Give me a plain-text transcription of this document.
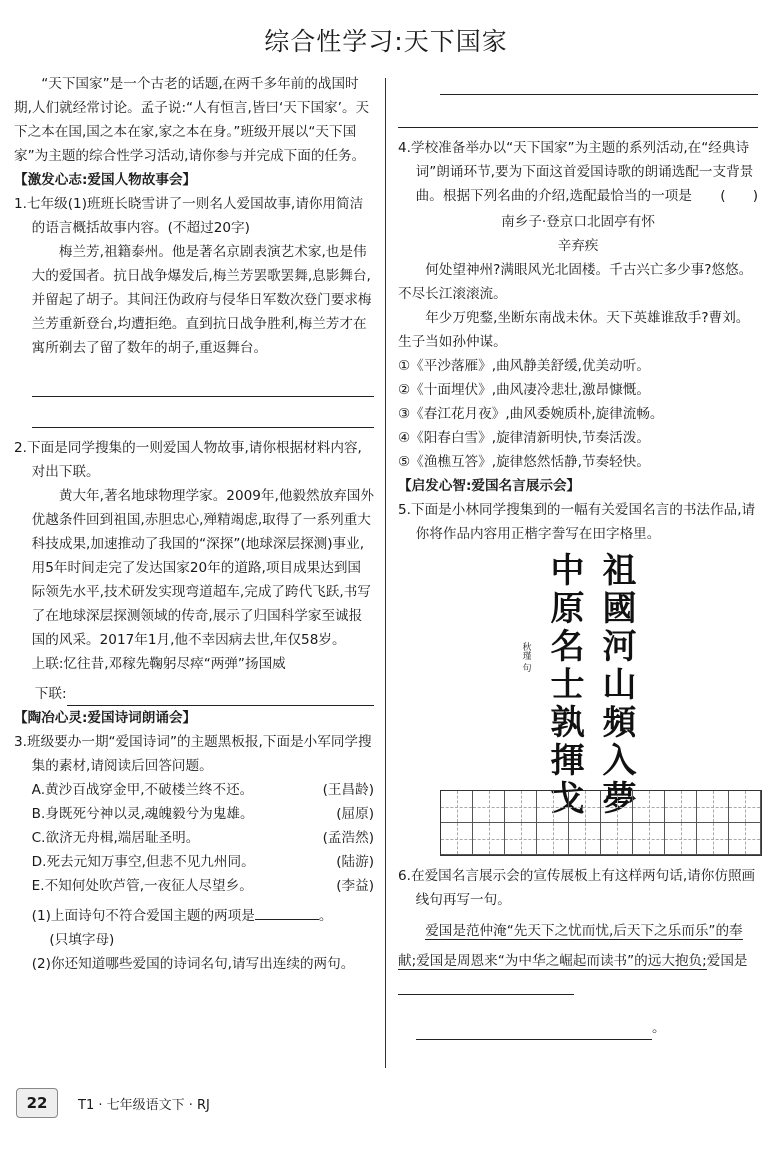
综合性学习:天下国家

“天下国家”是一个古老的话题,在两千多年前的战国时期,人们就经常讨论。孟子说:“人有恒言,皆曰‘天下国家’。天下之本在国,国之本在家,家之本在身。”班级开展以“天下国家”为主题的综合性学习活动,请你参与并完成下面的任务。

【激发心志:爱国人物故事会】

1.七年级(1)班班长晓雪讲了一则名人爱国故事,请你用简洁的语言概括故事内容。(不超过20字)

梅兰芳,祖籍泰州。他是著名京剧表演艺术家,也是伟大的爱国者。抗日战争爆发后,梅兰芳罢歌罢舞,息影舞台,并留起了胡子。其间汪伪政府与侵华日军数次登门要求梅兰芳重新登台,均遭拒绝。直到抗日战争胜利,梅兰芳才在寓所剃去了留了数年的胡子,重返舞台。

2.下面是同学搜集的一则爱国人物故事,请你根据材料内容,对出下联。

黄大年,著名地球物理学家。2009年,他毅然放弃国外优越条件回到祖国,赤胆忠心,殚精竭虑,取得了一系列重大科技成果,加速推动了我国的“深探”(地球深层探测)事业,用5年时间走完了发达国家20年的道路,项目成果达到国际领先水平,技术研发实现弯道超车,完成了跨代飞跃,书写了在地球深层探测领域的传奇,展示了归国科学家至诚报国的风采。2017年1月,他不幸因病去世,年仅58岁。

上联:忆往昔,邓稼先鞠躬尽瘁“两弹”扬国威

下联:

【陶冶心灵:爱国诗词朗诵会】

3.班级要办一期“爱国诗词”的主题黑板报,下面是小军同学搜集的素材,请阅读后回答问题。

A.黄沙百战穿金甲,不破楼兰终不还。	(王昌龄)
B.身既死兮神以灵,魂魄毅兮为鬼雄。	(屈原)
C.欲济无舟楫,端居耻圣明。	(孟浩然)
D.死去元知万事空,但悲不见九州同。	(陆游)
E.不知何处吹芦管,一夜征人尽望乡。	(李益)

(1)上面诗句不符合爱国主题的两项是	。

(只填字母)

(2)你还知道哪些爱国的诗词名句,请写出连续的两句。

4.学校准备举办以“天下国家”为主题的系列活动,在“经典诗词”朗诵环节,要为下面这首爱国诗歌的朗诵选配一支背景曲。根据下列名曲的介绍,选配最恰当的一项是 (　　)

南乡子·登京口北固亭有怀

辛弃疾

何处望神州?满眼风光北固楼。千古兴亡多少事?悠悠。不尽长江滚滚流。

年少万兜鍪,坐断东南战未休。天下英雄谁敌手?曹刘。生子当如孙仲谋。

①《平沙落雁》,曲风静美舒缓,优美动听。

②《十面埋伏》,曲风凄冷悲壮,激昂慷慨。

③《春江花月夜》,曲风委婉质朴,旋律流畅。

④《阳春白雪》,旋律清新明快,节奏活泼。

⑤《渔樵互答》,旋律悠然恬静,节奏轻快。

【启发心智:爱国名言展示会】

5.下面是小林同学搜集到的一幅有关爱国名言的书法作品,请你将作品内容用正楷字誊写在田字格里。

秋瑾 句
中
原
名
士
孰
揮
戈
祖
國
河
山
頻
入
夢

6.在爱国名言展示会的宣传展板上有这样两句话,请你仿照画线句再写一句。

爱国是范仲淹“先天下之忧而忧,后天下之乐而乐”的奉献;爱国是周恩来“为中华之崛起而读书”的远大抱负;爱国是

。

22	T1 · 七年级语文下 · RJ
